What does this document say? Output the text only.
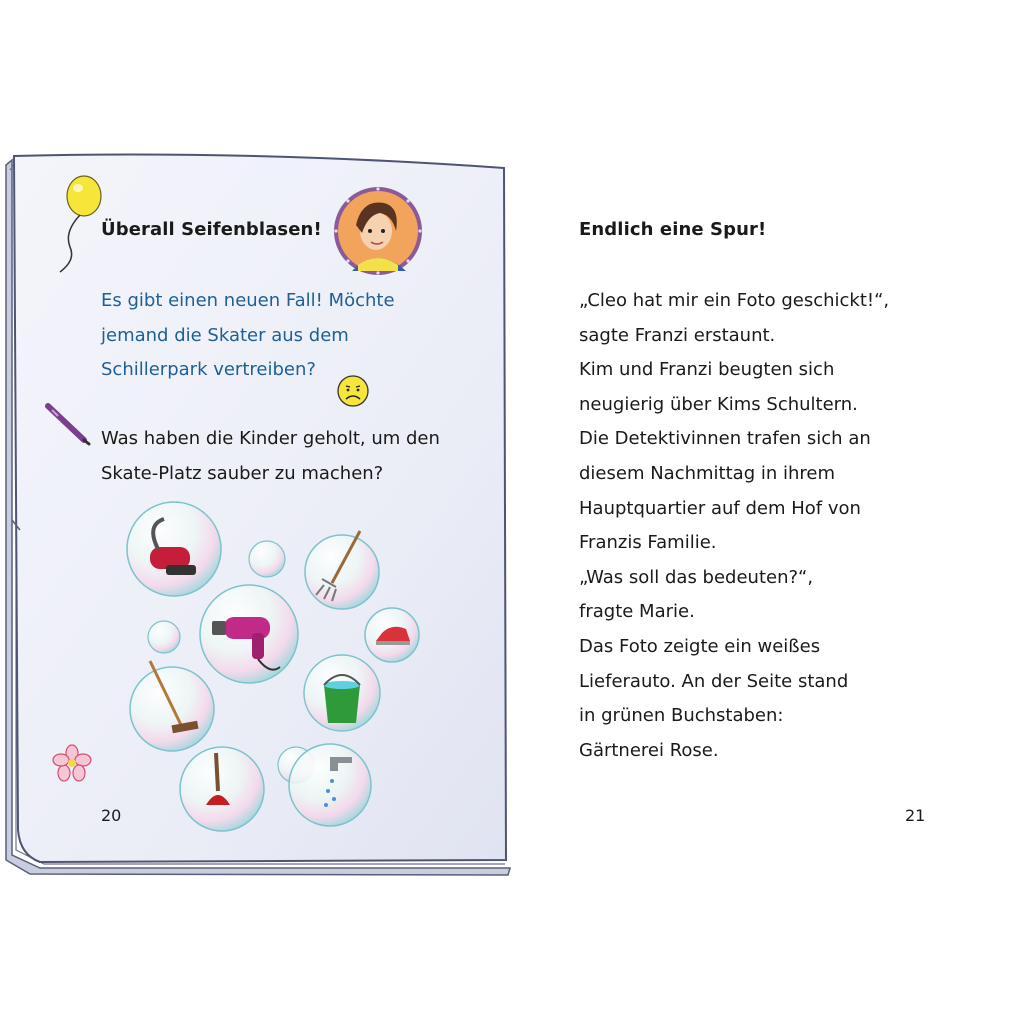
Überall Seifenblasen!
Es gibt einen neuen Fall! Möchte
jemand die Skater aus dem
Schillerpark vertreiben?
Was haben die Kinder geholt, um den
Skate-Platz sauber zu machen?
20
Endlich eine Spur!
„Cleo hat mir ein Foto geschickt!“,
sagte Franzi erstaunt.
Kim und Franzi beugten sich
neugierig über Kims Schultern.
Die Detektivinnen trafen sich an
diesem Nachmittag in ihrem
Hauptquartier auf dem Hof von
Franzis Familie.
„Was soll das bedeuten?“,
fragte Marie.
Das Foto zeigte ein weißes
Lieferauto. An der Seite stand
in grünen Buchstaben:
Gärtnerei Rose.
21
